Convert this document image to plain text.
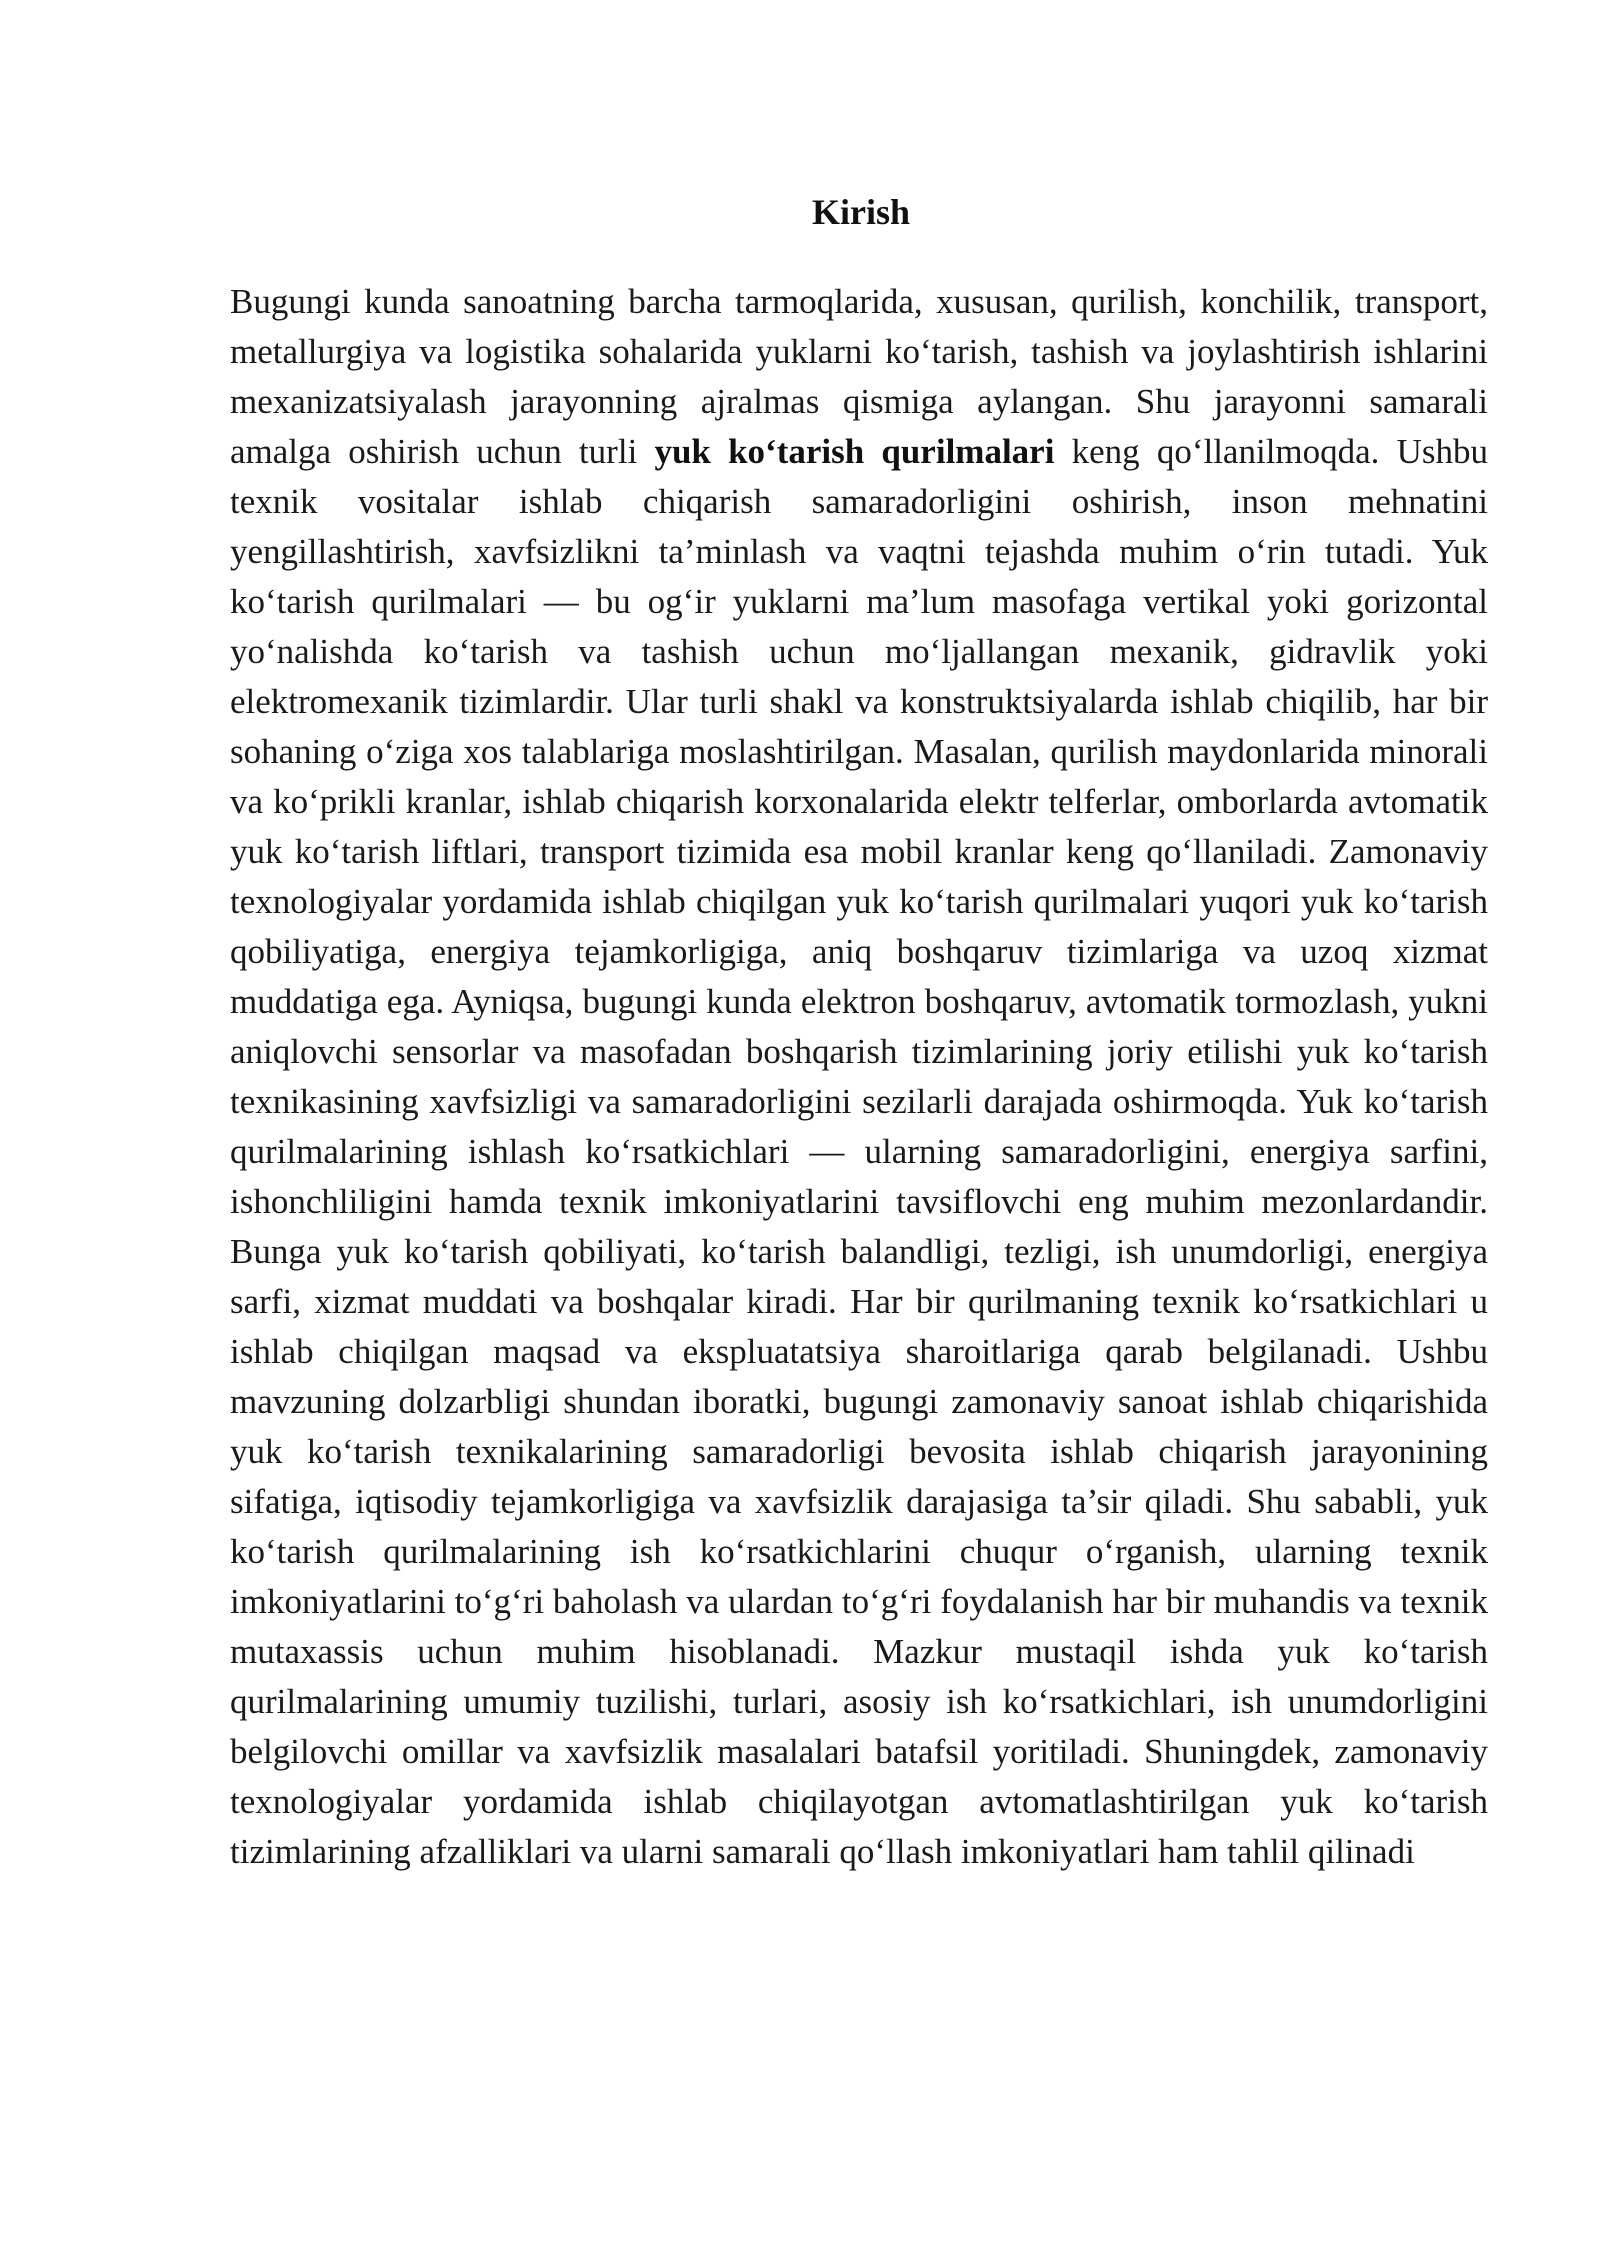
Kirish

Bugungi kunda sanoatning barcha tarmoqlarida, xususan, qurilish, konchilik, transport, metallurgiya va logistika sohalarida yuklarni ko‘tarish, tashish va joylashtirish ishlarini mexanizatsiyalash jarayonning ajralmas qismiga aylangan. Shu jarayonni samarali amalga oshirish uchun turli yuk ko‘tarish qurilmalari keng qo‘llanilmoqda. Ushbu texnik vositalar ishlab chiqarish samaradorligini oshirish, inson mehnatini yengillashtirish, xavfsizlikni ta’minlash va vaqtni tejashda muhim o‘rin tutadi. Yuk ko‘tarish qurilmalari — bu og‘ir yuklarni ma’lum masofaga vertikal yoki gorizontal yo‘nalishda ko‘tarish va tashish uchun mo‘ljallangan mexanik, gidravlik yoki elektromexanik tizimlardir. Ular turli shakl va konstruktsiyalarda ishlab chiqilib, har bir sohaning o‘ziga xos talablariga moslashtirilgan. Masalan, qurilish maydonlarida minorali va ko‘prikli kranlar, ishlab chiqarish korxonalarida elektr telferlar, omborlarda avtomatik yuk ko‘tarish liftlari, transport tizimida esa mobil kranlar keng qo‘llaniladi. Zamonaviy texnologiyalar yordamida ishlab chiqilgan yuk ko‘tarish qurilmalari yuqori yuk ko‘tarish qobiliyatiga, energiya tejamkorligiga, aniq boshqaruv tizimlariga va uzoq xizmat muddatiga ega. Ayniqsa, bugungi kunda elektron boshqaruv, avtomatik tormozlash, yukni aniqlovchi sensorlar va masofadan boshqarish tizimlarining joriy etilishi yuk ko‘tarish texnikasining xavfsizligi va samaradorligini sezilarli darajada oshirmoqda. Yuk ko‘tarish qurilmalarining ishlash ko‘rsatkichlari — ularning samaradorligini, energiya sarfini, ishonchliligini hamda texnik imkoniyatlarini tavsiflovchi eng muhim mezonlardandir. Bunga yuk ko‘tarish qobiliyati, ko‘tarish balandligi, tezligi, ish unumdorligi, energiya sarfi, xizmat muddati va boshqalar kiradi. Har bir qurilmaning texnik ko‘rsatkichlari u ishlab chiqilgan maqsad va ekspluatatsiya sharoitlariga qarab belgilanadi. Ushbu mavzuning dolzarbligi shundan iboratki, bugungi zamonaviy sanoat ishlab chiqarishida yuk ko‘tarish texnikalarining samaradorligi bevosita ishlab chiqarish jarayonining sifatiga, iqtisodiy tejamkorligiga va xavfsizlik darajasiga ta’sir qiladi. Shu sababli, yuk ko‘tarish qurilmalarining ish ko‘rsatkichlarini chuqur o‘rganish, ularning texnik imkoniyatlarini to‘g‘ri baholash va ulardan to‘g‘ri foydalanish har bir muhandis va texnik mutaxassis uchun muhim hisoblanadi. Mazkur mustaqil ishda yuk ko‘tarish qurilmalarining umumiy tuzilishi, turlari, asosiy ish ko‘rsatkichlari, ish unumdorligini belgilovchi omillar va xavfsizlik masalalari batafsil yoritiladi. Shuningdek, zamonaviy texnologiyalar yordamida ishlab chiqilayotgan avtomatlashtirilgan yuk ko‘tarish tizimlarining afzalliklari va ularni samarali qo‘llash imkoniyatlari ham tahlil qilinadi
